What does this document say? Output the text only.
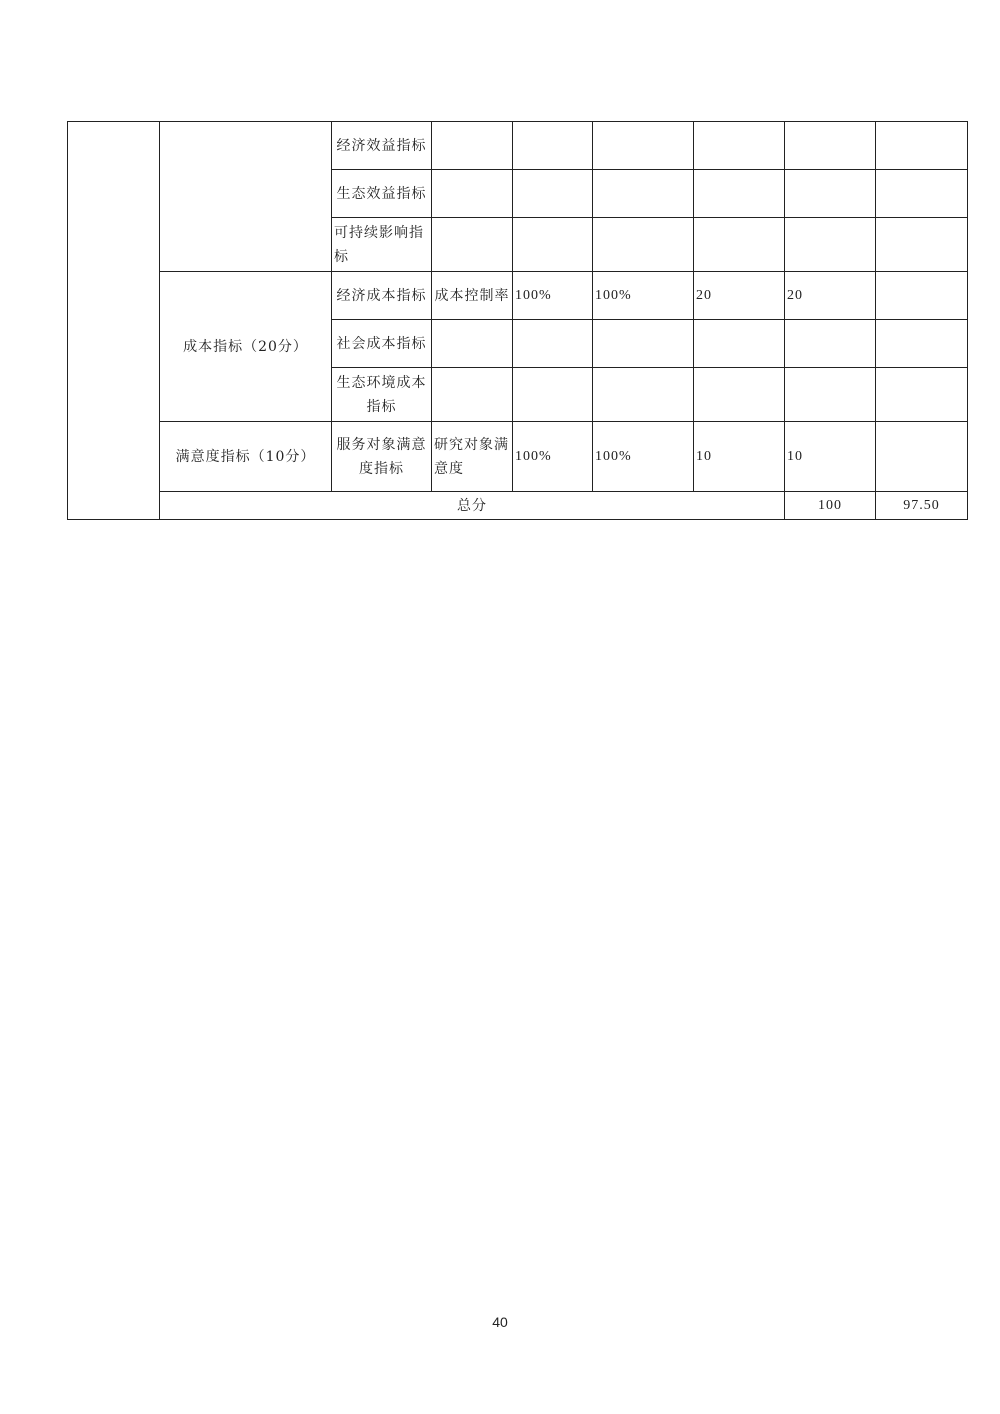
		经济效益指标							
		生态效益指标							
		可持续影响指标							
	成本指标（20分）	经济成本指标	成本控制率	100%	100%	20	20		
		社会成本指标							
		生态环境成本指标							
	满意度指标（10分）	服务对象满意度指标	研究对象满意度	100%	100%	10	10		
	总分						100	97.50	
40
